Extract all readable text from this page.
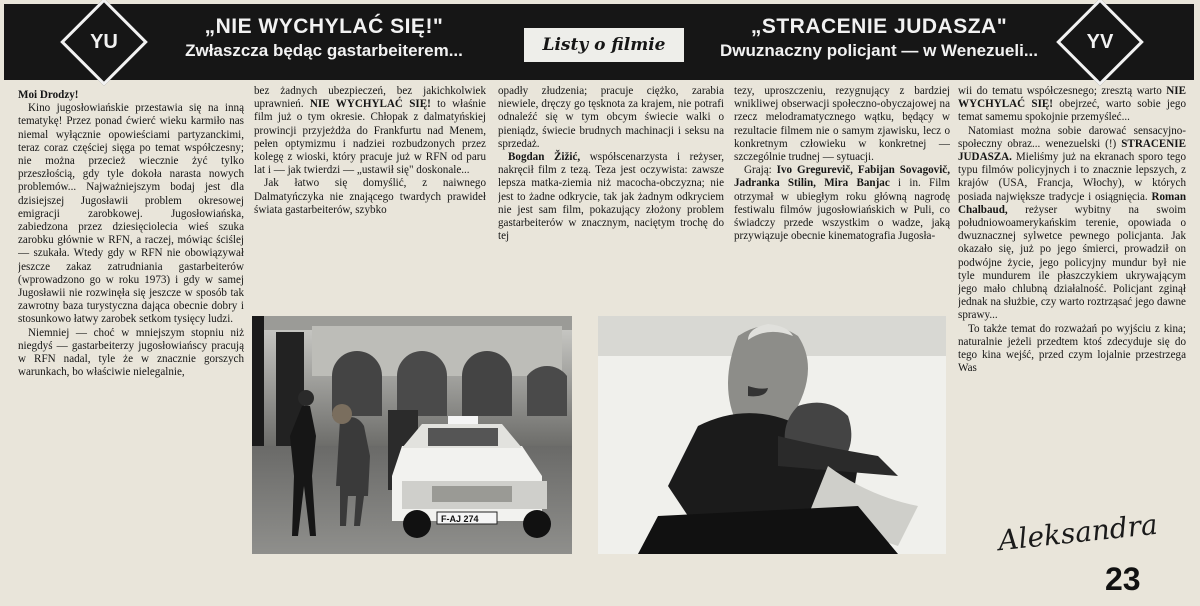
YU
„NIE WYCHYLAĆ SIĘ!"
Zwłaszcza będąc gastarbeiterem...	Listy o filmie
„STRACENIE JUDASZA"
Dwuznaczny policjant — w Wenezueli...	YV

Moi Drodzy!

Kino jugosłowiańskie przestawia się na inną tematykę! Przez ponad ćwierć wieku karmiło nas niemal wyłącznie opowieściami partyzanckimi, teraz coraz częściej sięga po temat współczesny; nie można przecież wiecznie żyć tylko przeszłością, gdy tyle dokoła narasta nowych problemów... Najważniejszym bodaj jest dla dzisiejszej Jugosławii problem okresowej emigracji zarobkowej. Jugosłowiańska, zabiedzona przez dziesięciolecia wieś szuka zarobku głównie w RFN, a raczej, mówiąc ściślej — szukała. Wtedy gdy w RFN nie obowiązywał jeszcze zakaz zatrudniania gastarbeiterów (wprowadzono go w roku 1973) i gdy w samej Jugosławii nie rozwinęła się jeszcze w sposób tak zawrotny baza turystyczna dająca obecnie dobry i stosunkowo łatwy zarobek setkom tysięcy ludzi.

Niemniej — choć w mniejszym stopniu niż niegdyś — gastarbeiterzy jugosłowiańscy pracują w RFN nadal, tyle że w znacznie gorszych warunkach, bo właściwie nielegalnie,

bez żadnych ubezpieczeń, bez jakichkolwiek uprawnień. NIE WYCHYLAĆ SIĘ! to właśnie film już o tym okresie. Chłopak z dalmatyńskiej prowincji przyjeżdża do Frankfurtu nad Menem, pełen optymizmu i nadziei rozbudzonych przez kolegę z wioski, który pracuje już w RFN od paru lat i — jak twierdzi — „ustawił się" doskonale...

Jak łatwo się domyślić, z naiwnego Dalmatyńczyka nie znającego twardych prawideł świata gastarbeiterów, szybko

opadły złudzenia; pracuje ciężko, zarabia niewiele, dręczy go tęsknota za krajem, nie potrafi odnaleźć się w tym obcym świecie walki o pieniądz, świecie brudnych machinacji i seksu na sprzedaż.

Bogdan Žižić, współscenarzysta i reżyser, nakręcił film z tezą. Teza jest oczywista: zawsze lepsza matka-ziemia niż macocha-obczyzna; nie jest to żadne odkrycie, tak jak żadnym odkryciem nie jest sam film, pokazujący złożony problem gastarbeiterów w znacznym, naciętym trochę do tej

tezy, uproszczeniu, rezygnujący z bardziej wnikliwej obserwacji społeczno-obyczajowej na rzecz melodramatycznego wątku, będący w rezultacie filmem nie o samym zjawisku, lecz o konkretnym człowieku w konkretnej — szczególnie trudnej — sytuacji.

Grają: Ivo Gregurevič, Fabijan Sovagovič, Jadranka Stilin, Mira Banjac i in. Film otrzymał w ubiegłym roku główną nagrodę festiwalu filmów jugosłowiańskich w Puli, co świadczy przede wszystkim o wadze, jaką przywiązuje obecnie kinematografia Jugosła-

wii do tematu współczesnego; zresztą warto NIE WYCHYLAĆ SIĘ! obejrzeć, warto sobie jego temat samemu spokojnie przemyśleć...

Natomiast można sobie darować sensacyjno-społeczny obraz... wenezuelski (!) STRACENIE JUDASZA. Mieliśmy już na ekranach sporo tego typu filmów policyjnych i to znacznie lepszych, z krajów (USA, Francja, Włochy), w których posiada największe tradycje i osiągnięcia. Roman Chalbaud, reżyser wybitny na swoim południowoamerykańskim terenie, opowiada o dwuznacznej sylwetce pewnego policjanta. Jak okazało się, już po jego śmierci, prowadził on podwójne życie, jego policyjny mundur był nie tyle mundurem ile płaszczykiem ukrywającym jego mało chlubną działalność. Policjant zginął jednak na służbie, czy warto roztrząsać jego dawne sprawy...

To także temat do rozważań po wyjściu z kina; naturalnie jeżeli przedtem ktoś zdecyduje się do tego kina wejść, przed czym lojalnie przestrzega Was

F-AJ 274	Aleksandra
23
